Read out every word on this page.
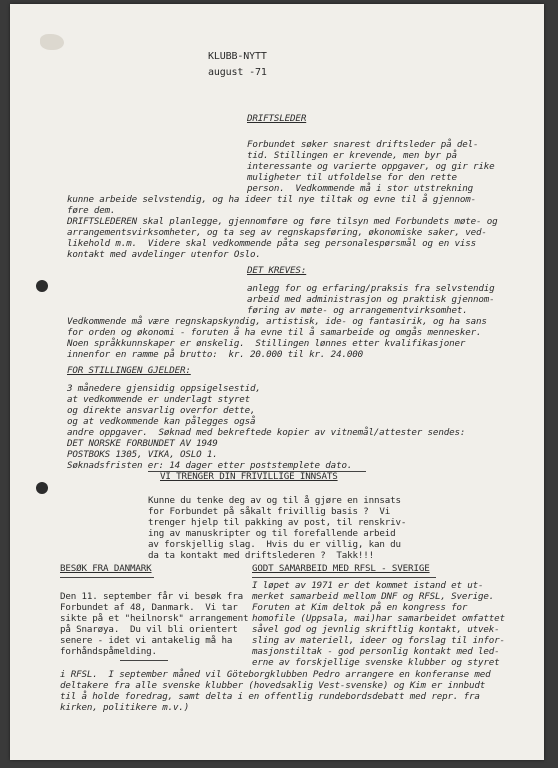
KLUBB-NYTT
august -71
DRIFTSLEDER
Forbundet søker snarest driftsleder på del-
tid. Stillingen er krevende, men byr på
interessante og varierte oppgaver, og gir rike
muligheter til utfoldelse for den rette
person.  Vedkommende må i stor utstrekning
kunne arbeide selvstendig, og ha ideer til nye tiltak og evne til å gjennom-
føre dem.
DRIFTSLEDEREN skal planlegge, gjennomføre og føre tilsyn med Forbundets møte- og
arrangementsvirksomheter, og ta seg av regnskapsføring, økonomiske saker, ved-
likehold m.m.  Videre skal vedkommende påta seg personalespørsmål og en viss
kontakt med avdelinger utenfor Oslo.
DET KREVES:
anlegg for og erfaring/praksis fra selvstendig
arbeid med administrasjon og praktisk gjennom-
føring av møte- og arrangementvirksomhet.
Vedkommende må være regnskapskyndig, artistisk, ide- og fantasirik, og ha sans
for orden og økonomi - foruten å ha evne til å samarbeide og omgås mennesker.
Noen språkkunnskaper er ønskelig.  Stillingen lønnes etter kvalifikasjoner
innenfor en ramme på brutto:  kr. 20.000 til kr. 24.000
FOR STILLINGEN GJELDER:
3 månedere gjensidig oppsigelsestid,
at vedkommende er underlagt styret
og direkte ansvarlig overfor dette,
og at vedkommende kan pålegges også
andre oppgaver.  Søknad med bekreftede kopier av vitnemål/attester sendes:
DET NORSKE FORBUNDET AV 1949
POSTBOKS 1305, VIKA, OSLO 1.
Søknadsfristen er: 14 dager etter poststemplete dato.
VI TRENGER DIN FRIVILLIGE INNSATS
Kunne du tenke deg av og til å gjøre en innsats
for Forbundet på såkalt frivillig basis ?  Vi
trenger hjelp til pakking av post, til renskriv-
ing av manuskripter og til forefallende arbeid
av forskjellig slag.  Hvis du er villig, kan du
da ta kontakt med driftslederen ?  Takk!!!
BESØK FRA DANMARK
Den 11. september får vi besøk fra
Forbundet af 48, Danmark.  Vi tar
sikte på et "heilnorsk" arrangement
på Snarøya.  Du vil bli orientert
senere - idet vi antakelig må ha
forhåndspåmelding.
GODT SAMARBEID MED RFSL - SVERIGE
I løpet av 1971 er det kommet istand et ut-
merket samarbeid mellom DNF og RFSL, Sverige.
Foruten at Kim deltok på en kongress for
homofile (Uppsala, mai)har samarbeidet omfattet
såvel god og jevnlig skriftlig kontakt, utvek-
sling av materiell, ideer og forslag til infor-
masjonstiltak - god personlig kontakt med led-
erne av forskjellige svenske klubber og styret
i RFSL.  I september måned vil Göteborgklubben Pedro arrangere en konferanse med
deltakere fra alle svenske klubber (hovedsaklig Vest-svenske) og Kim er innbudt
til å holde foredrag, samt delta i en offentlig rundebordsdebatt med repr. fra
kirken, politikere m.v.)
